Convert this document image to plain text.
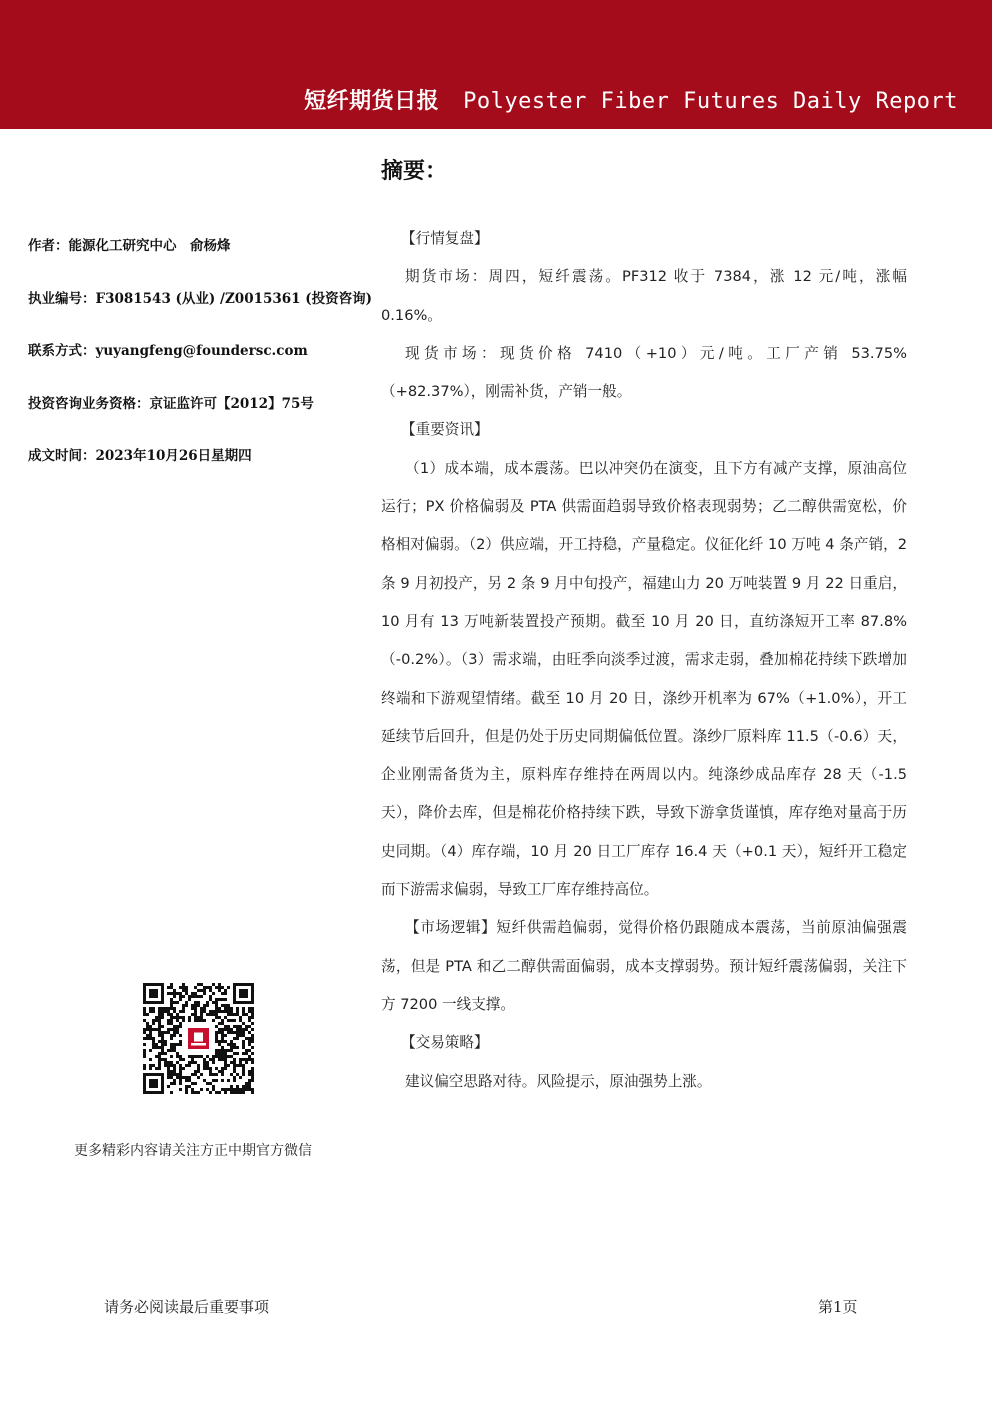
短纤期货日报 Polyester Fiber Futures Daily Report
摘要：
作者：能源化工研究中心　俞杨烽
执业编号：F3081543 (从业) /Z0015361 (投资咨询)
联系方式：yuyangfeng@foundersc.com
投资咨询业务资格：京证监许可【2012】75号
成文时间：2023年10月26日星期四
更多精彩内容请关注方正中期官方微信

【行情复盘】

期货市场：周四，短纤震荡。PF312 收于 7384，涨 12 元/吨，涨幅 0.16%。

现货市场：现货价格 7410（+10）元/吨。工厂产销 53.75%（+82.37%），刚需补货，产销一般。

【重要资讯】

（1）成本端，成本震荡。巴以冲突仍在演变，且下方有减产支撑，原油高位运行；PX 价格偏弱及 PTA 供需面趋弱导致价格表现弱势；乙二醇供需宽松，价格相对偏弱。（2）供应端，开工持稳，产量稳定。仪征化纤 10 万吨 4 条产销，2 条 9 月初投产，另 2 条 9 月中旬投产，福建山力 20 万吨装置 9 月 22 日重启，10 月有 13 万吨新装置投产预期。截至 10 月 20 日，直纺涤短开工率 87.8%（-0.2%）。（3）需求端，由旺季向淡季过渡，需求走弱，叠加棉花持续下跌增加终端和下游观望情绪。截至 10 月 20 日，涤纱开机率为 67%（+1.0%），开工延续节后回升，但是仍处于历史同期偏低位置。涤纱厂原料库 11.5（-0.6）天，企业刚需备货为主，原料库存维持在两周以内。纯涤纱成品库存 28 天（-1.5 天），降价去库，但是棉花价格持续下跌，导致下游拿货谨慎，库存绝对量高于历史同期。（4）库存端，10 月 20 日工厂库存 16.4 天（+0.1 天），短纤开工稳定而下游需求偏弱，导致工厂库存维持高位。

【市场逻辑】短纤供需趋偏弱，觉得价格仍跟随成本震荡，当前原油偏强震荡，但是 PTA 和乙二醇供需面偏弱，成本支撑弱势。预计短纤震荡偏弱，关注下方 7200 一线支撑。

【交易策略】

建议偏空思路对待。风险提示，原油强势上涨。

请务必阅读最后重要事项	第1页
